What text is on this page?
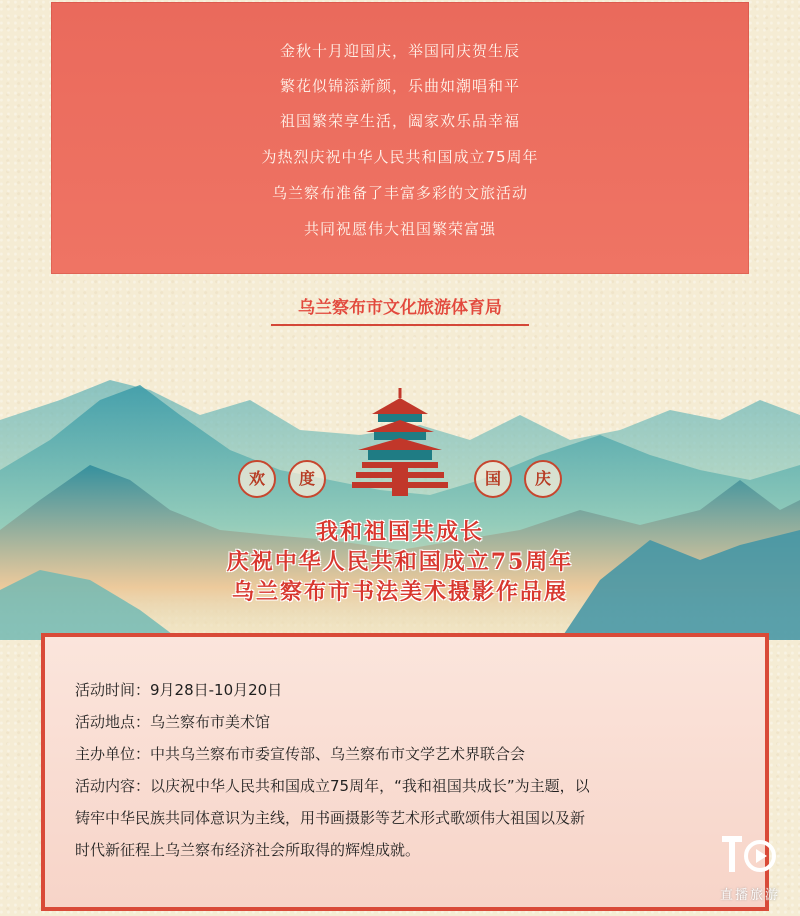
金秋十月迎国庆，举国同庆贺生辰
繁花似锦添新颜，乐曲如潮唱和平
祖国繁荣享生活，阖家欢乐品幸福
为热烈庆祝中华人民共和国成立75周年
乌兰察布准备了丰富多彩的文旅活动
共同祝愿伟大祖国繁荣富强
乌兰察布市文化旅游体育局
欢	度	国	庆
我和祖国共成长
庆祝中华人民共和国成立75周年
乌兰察布市书法美术摄影作品展
活动时间：9月28日-10月20日
活动地点：乌兰察布市美术馆
主办单位：中共乌兰察布市委宣传部、乌兰察布市文学艺术界联合会
活动内容：以庆祝中华人民共和国成立75周年，“我和祖国共成长”为主题，以
铸牢中华民族共同体意识为主线，用书画摄影等艺术形式歌颂伟大祖国以及新
时代新征程上乌兰察布经济社会所取得的辉煌成就。
直播旅游
